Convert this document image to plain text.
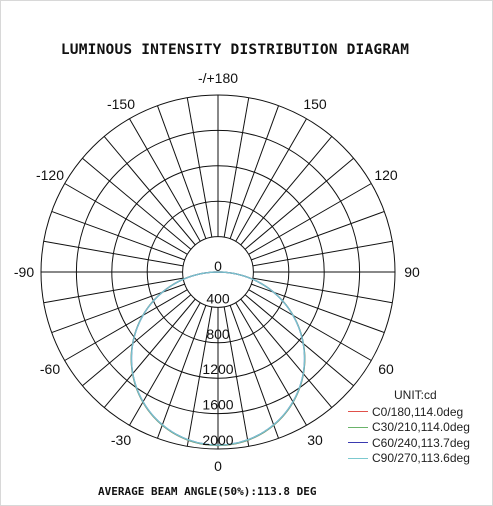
LUMINOUS INTENSITY DISTRIBUTION DIAGRAM
0
400
800
1200
1600
2000
0
30
60
90
120
150
-/+180
-150
-120
-90
-60
-30
UNIT:cd
C0/180,114.0deg
C30/210,114.0deg
C60/240,113.7deg
C90/270,113.6deg
AVERAGE BEAM ANGLE(50%):113.8 DEG
